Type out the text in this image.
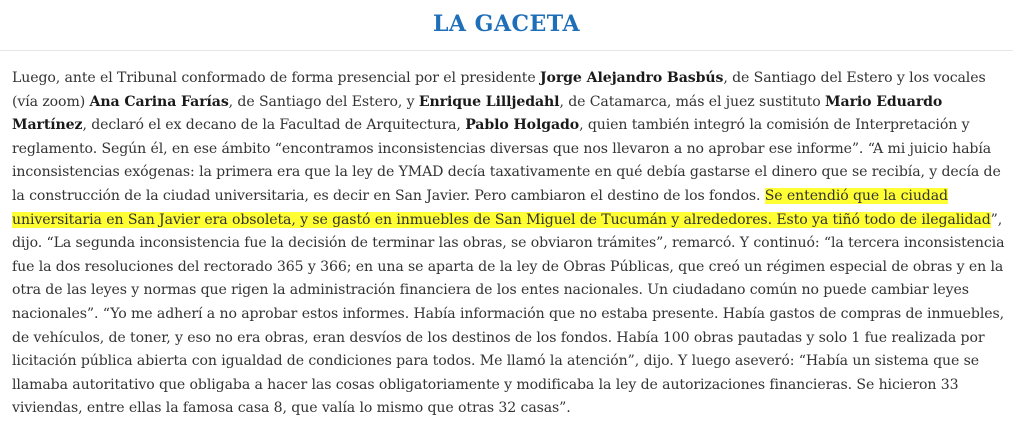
LA GACETA

Luego, ante el Tribunal conformado de forma presencial por el presidente Jorge Alejandro Basbús, de Santiago del Estero y los vocales (vía zoom) Ana Carina Farías, de Santiago del Estero, y Enrique Lilljedahl, de Catamarca, más el juez sustituto Mario Eduardo Martínez, declaró el ex decano de la Facultad de Arquitectura, Pablo Holgado, quien también integró la comisión de Interpretación y reglamento. Según él, en ese ámbito “encontramos inconsistencias diversas que nos llevaron a no aprobar ese informe”. “A mi juicio había inconsistencias exógenas: la primera era que la ley de YMAD decía taxativamente en qué debía gastarse el dinero que se recibía, y decía de la construcción de la ciudad universitaria, es decir en San Javier. Pero cambiaron el destino de los fondos. Se entendió que la ciudad universitaria en San Javier era obsoleta, y se gastó en inmuebles de San Miguel de Tucumán y alrededores. Esto ya tiñó todo de ilegalidad”, dijo. “La segunda inconsistencia fue la decisión de terminar las obras, se obviaron trámites”, remarcó. Y continuó: “la tercera inconsistencia fue la dos resoluciones del rectorado 365 y 366; en una se aparta de la ley de Obras Públicas, que creó un régimen especial de obras y en la otra de las leyes y normas que rigen la administración financiera de los entes nacionales. Un ciudadano común no puede cambiar leyes nacionales”. “Yo me adherí a no aprobar estos informes. Había información que no estaba presente. Había gastos de compras de inmuebles, de vehículos, de toner, y eso no era obras, eran desvíos de los destinos de los fondos. Había 100 obras pautadas y solo 1 fue realizada por licitación pública abierta con igualdad de condiciones para todos. Me llamó la atención”, dijo. Y luego aseveró: “Había un sistema que se llamaba autoritativo que obligaba a hacer las cosas obligatoriamente y modificaba la ley de autorizaciones financieras. Se hicieron 33 viviendas, entre ellas la famosa casa 8, que valía lo mismo que otras 32 casas”.
